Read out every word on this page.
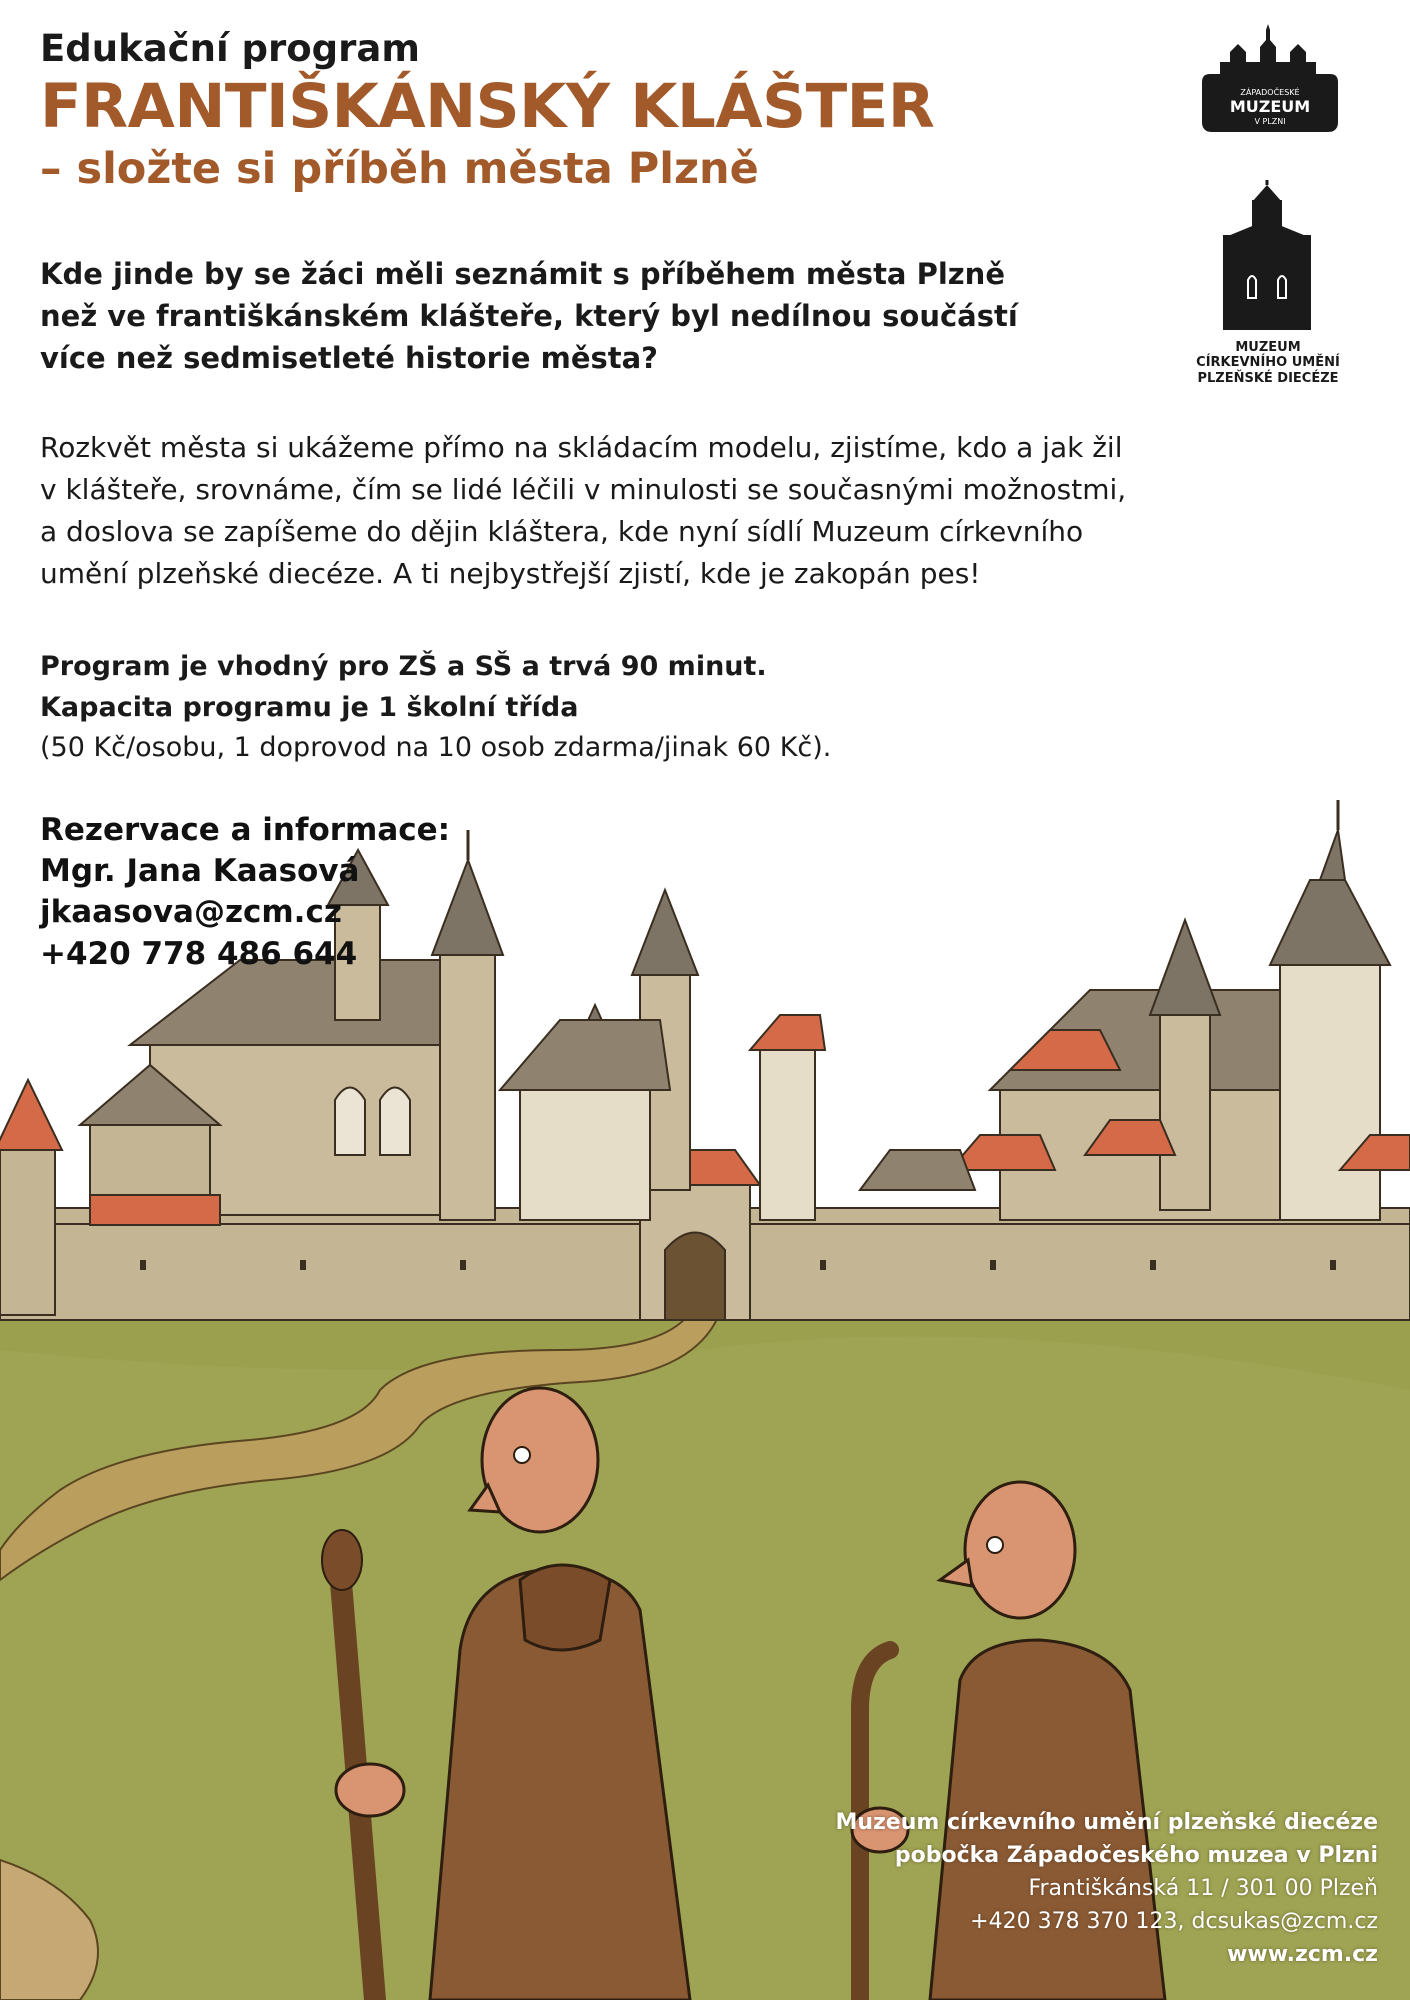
Edukační program
FRANTIŠKÁNSKÝ KLÁŠTER
– složte si příběh města Plzně
ZÁPADOČESKÉ
MUZEUM
V PLZNI
MUZEUM
CÍRKEVNÍHO UMĚNÍ
PLZEŇSKÉ DIECÉZE
Kde jinde by se žáci měli seznámit s příběhem města Plzně
než ve františkánském klášteře, který byl nedílnou součástí
více než sedmisetleté historie města?
Rozkvět města si ukážeme přímo na skládacím modelu, zjistíme, kdo a jak žil
v klášteře, srovnáme, čím se lidé léčili v minulosti se současnými možnostmi,
a doslova se zapíšeme do dějin kláštera, kde nyní sídlí Muzeum církevního
umění plzeňské diecéze. A ti nejbystřejší zjistí, kde je zakopán pes!
Program je vhodný pro ZŠ a SŠ a trvá 90 minut.
Kapacita programu je 1 školní třída
(50 Kč/osobu, 1 doprovod na 10 osob zdarma/jinak 60 Kč).
Rezervace a informace:
Mgr. Jana Kaasová
jkaasova@zcm.cz
+420 778 486 644
Muzeum církevního umění plzeňské diecéze
pobočka Západočeského muzea v Plzni
Františkánská 11 / 301 00 Plzeň
+420 378 370 123, dcsukas@zcm.cz
www.zcm.cz
